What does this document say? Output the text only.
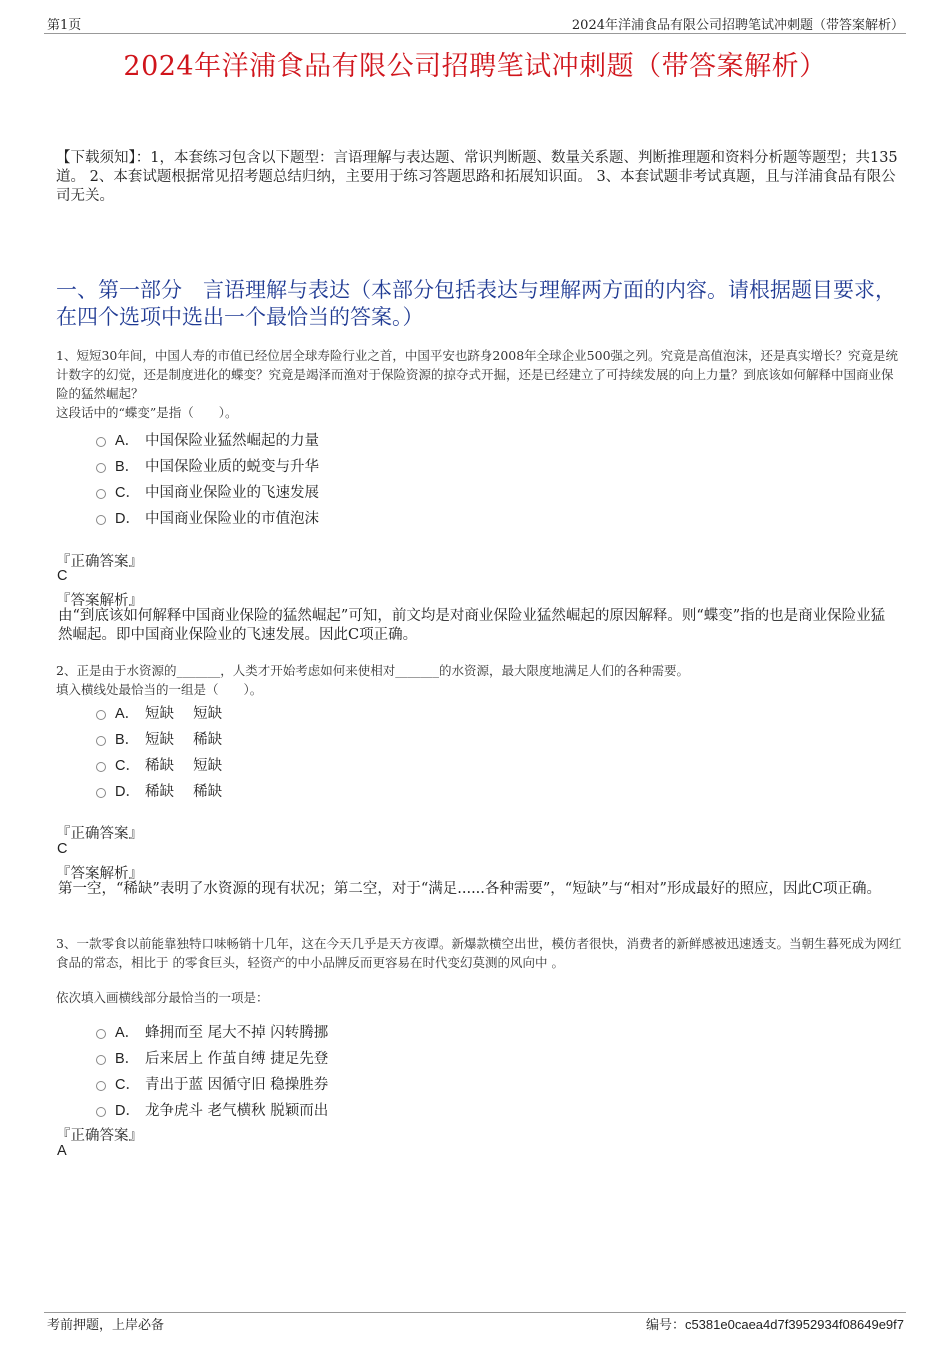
第1页	2024年洋浦食品有限公司招聘笔试冲刺题（带答案解析）
2024年洋浦食品有限公司招聘笔试冲刺题（带答案解析）
【下载须知】：1，本套练习包含以下题型：言语理解与表达题、常识判断题、数量关系题、判断推理题和资料分析题等题型；共135道。 2、本套试题根据常见招考题总结归纳，主要用于练习答题思路和拓展知识面。 3、本套试题非考试真题，且与洋浦食品有限公司无关。
一、第一部分　言语理解与表达（本部分包括表达与理解两方面的内容。请根据题目要求，在四个选项中选出一个最恰当的答案。）
1、短短30年间，中国人寿的市值已经位居全球寿险行业之首，中国平安也跻身2008年全球企业500强之列。究竟是高值泡沫，还是真实增长？究竟是统计数字的幻觉，还是制度进化的蝶变？究竟是竭泽而渔对于保险资源的掠夺式开掘，还是已经建立了可持续发展的向上力量？到底该如何解释中国商业保险的猛然崛起？
这段话中的“蝶变”是指（　　）。
A． 中国保险业猛然崛起的力量
B． 中国保险业质的蜕变与升华
C． 中国商业保险业的飞速发展
D． 中国商业保险业的市值泡沫
『正确答案』
C
『答案解析』
由“到底该如何解释中国商业保险的猛然崛起”可知，前文均是对商业保险业猛然崛起的原因解释。则“蝶变”指的也是商业保险业猛然崛起。即中国商业保险业的飞速发展。因此C项正确。
2、正是由于水资源的_______，人类才开始考虑如何来使相对_______的水资源，最大限度地满足人们的各种需要。
填入横线处最恰当的一组是（　　）。
A． 短缺　 短缺
B． 短缺　 稀缺
C． 稀缺　 短缺
D． 稀缺　 稀缺
『正确答案』
C
『答案解析』
第一空，“稀缺”表明了水资源的现有状况；第二空，对于“满足......各种需要”，“短缺”与“相对”形成最好的照应，因此C项正确。
3、一款零食以前能靠独特口味畅销十几年，这在今天几乎是天方夜谭。新爆款横空出世，模仿者很快，消费者的新鲜感被迅速透支。当朝生暮死成为网红食品的常态，相比于 的零食巨头，轻资产的中小品牌反而更容易在时代变幻莫测的风向中 。
依次填入画横线部分最恰当的一项是：
A． 蜂拥而至 尾大不掉 闪转腾挪
B． 后来居上 作茧自缚 捷足先登
C． 青出于蓝 因循守旧 稳操胜券
D． 龙争虎斗 老气横秋 脱颖而出
『正确答案』
A
考前押题，上岸必备	编号：c5381e0caea4d7f3952934f08649e9f7
